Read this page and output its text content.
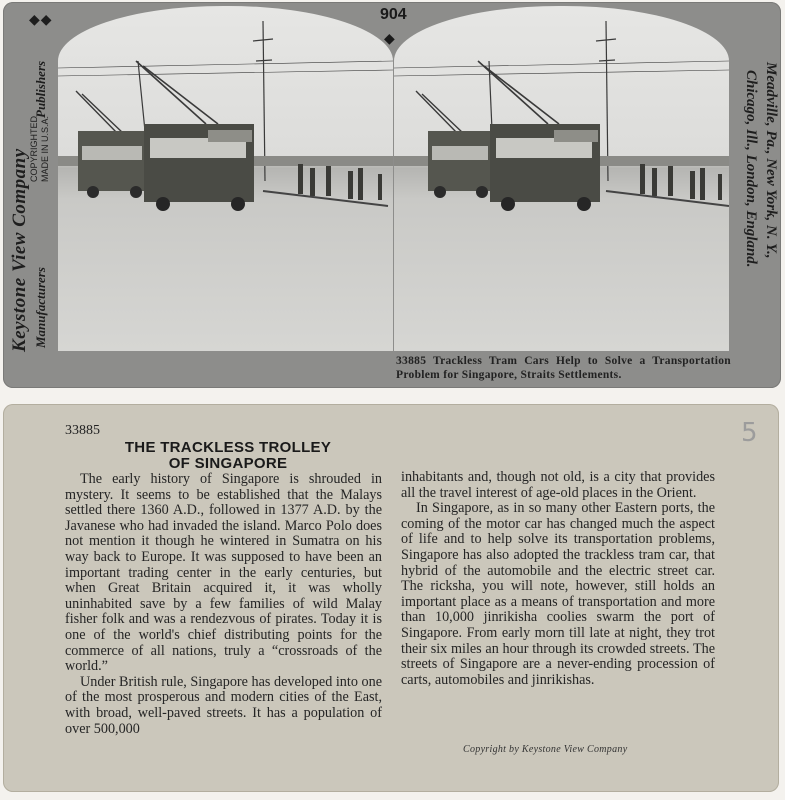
◆◆
Keystone View Company Manufacturers
COPYRIGHTED MADE IN U.S.A.
Publishers
904
◆
Meadville, Pa., New York, N. Y.,
Chicago, Ill., London, England.
33885 Trackless Tram Cars Help to Solve a Transportation Problem for Singapore, Straits Settlements.
33885	5
THE TRACKLESS TROLLEY
OF SINGAPORE

The early history of Singapore is shrouded in mystery. It seems to be established that the Malays settled there 1360 A.D., followed in 1377 A.D. by the Javanese who had invaded the island. Marco Polo does not mention it though he wintered in Sumatra on his way back to Europe. It was supposed to have been an important trading center in the early centuries, but when Great Britain acquired it, it was wholly uninhabited save by a few families of wild Malay fisher folk and was a rendezvous of pirates. Today it is one of the world's chief distributing points for the commerce of all nations, truly a “crossroads of the world.”

Under British rule, Singapore has developed into one of the most prosperous and modern cities of the East, with broad, well-paved streets. It has a population of over 500,000

inhabitants and, though not old, is a city that provides all the travel interest of age-old places in the Orient.

In Singapore, as in so many other Eastern ports, the coming of the motor car has changed much the aspect of life and to help solve its transportation problems, Singapore has also adopted the trackless tram car, that hybrid of the automobile and the electric street car. The ricksha, you will note, however, still holds an important place as a means of transportation and more than 10,000 jinrikisha coolies swarm the port of Singapore. From early morn till late at night, they trot their six miles an hour through its crowded streets. The streets of Singapore are a never-ending procession of carts, automobiles and jinrikishas.

Copyright by Keystone View Company
